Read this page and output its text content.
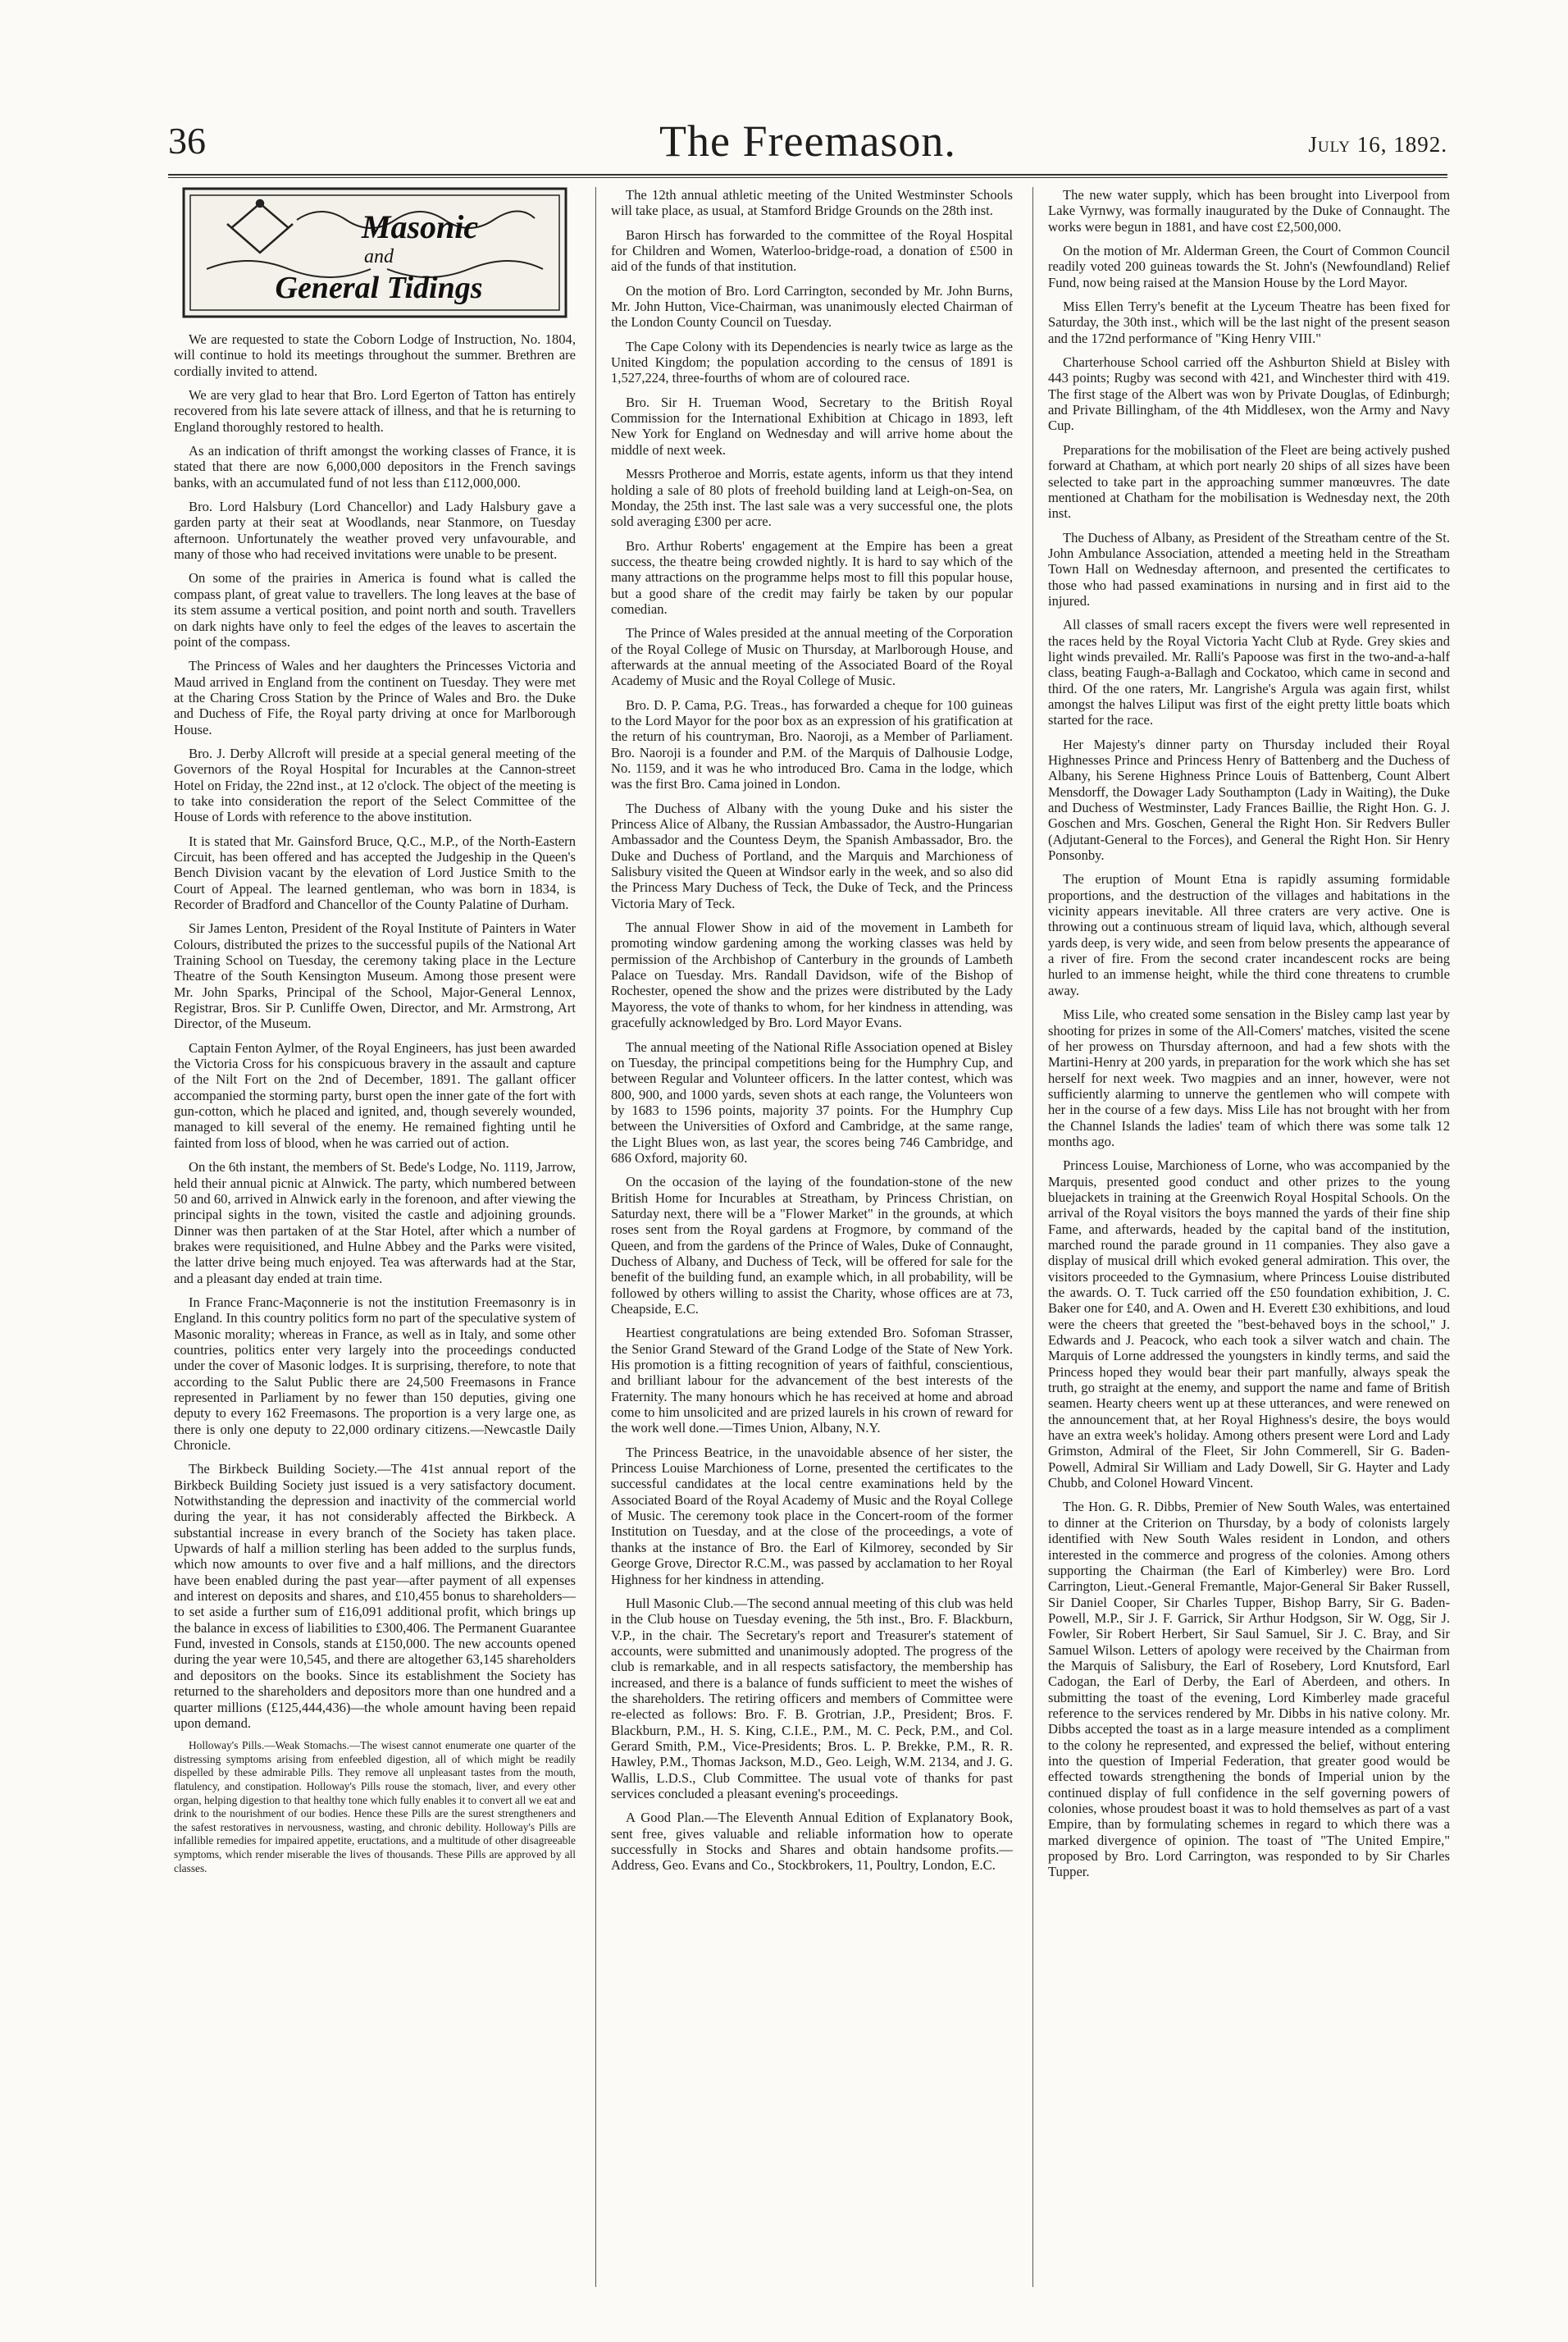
36	The Freemason.	July 16, 1892.
Masonic
and
General Tidings

We are requested to state the Coborn Lodge of Instruction, No. 1804, will continue to hold its meetings throughout the summer. Brethren are cordially invited to attend.

We are very glad to hear that Bro. Lord Egerton of Tatton has entirely recovered from his late severe attack of illness, and that he is returning to England thoroughly restored to health.

As an indication of thrift amongst the working classes of France, it is stated that there are now 6,000,000 depositors in the French savings banks, with an accumulated fund of not less than £112,000,000.

Bro. Lord Halsbury (Lord Chancellor) and Lady Halsbury gave a garden party at their seat at Woodlands, near Stanmore, on Tuesday afternoon. Unfortunately the weather proved very unfavourable, and many of those who had received invitations were unable to be present.

On some of the prairies in America is found what is called the compass plant, of great value to travellers. The long leaves at the base of its stem assume a vertical position, and point north and south. Travellers on dark nights have only to feel the edges of the leaves to ascertain the point of the compass.

The Princess of Wales and her daughters the Princesses Victoria and Maud arrived in England from the continent on Tuesday. They were met at the Charing Cross Station by the Prince of Wales and Bro. the Duke and Duchess of Fife, the Royal party driving at once for Marlborough House.

Bro. J. Derby Allcroft will preside at a special general meeting of the Governors of the Royal Hospital for Incurables at the Cannon-street Hotel on Friday, the 22nd inst., at 12 o'clock. The object of the meeting is to take into consideration the report of the Select Committee of the House of Lords with reference to the above institution.

It is stated that Mr. Gainsford Bruce, Q.C., M.P., of the North-Eastern Circuit, has been offered and has accepted the Judgeship in the Queen's Bench Division vacant by the elevation of Lord Justice Smith to the Court of Appeal. The learned gentleman, who was born in 1834, is Recorder of Bradford and Chancellor of the County Palatine of Durham.

Sir James Lenton, President of the Royal Institute of Painters in Water Colours, distributed the prizes to the successful pupils of the National Art Training School on Tuesday, the ceremony taking place in the Lecture Theatre of the South Kensington Museum. Among those present were Mr. John Sparks, Principal of the School, Major-General Lennox, Registrar, Bros. Sir P. Cunliffe Owen, Director, and Mr. Armstrong, Art Director, of the Museum.

Captain Fenton Aylmer, of the Royal Engineers, has just been awarded the Victoria Cross for his conspicuous bravery in the assault and capture of the Nilt Fort on the 2nd of December, 1891. The gallant officer accompanied the storming party, burst open the inner gate of the fort with gun-cotton, which he placed and ignited, and, though severely wounded, managed to kill several of the enemy. He remained fighting until he fainted from loss of blood, when he was carried out of action.

On the 6th instant, the members of St. Bede's Lodge, No. 1119, Jarrow, held their annual picnic at Alnwick. The party, which numbered between 50 and 60, arrived in Alnwick early in the forenoon, and after viewing the principal sights in the town, visited the castle and adjoining grounds. Dinner was then partaken of at the Star Hotel, after which a number of brakes were requisitioned, and Hulne Abbey and the Parks were visited, the latter drive being much enjoyed. Tea was afterwards had at the Star, and a pleasant day ended at train time.

In France Franc-Maçonnerie is not the institution Freemasonry is in England. In this country politics form no part of the speculative system of Masonic morality; whereas in France, as well as in Italy, and some other countries, politics enter very largely into the proceedings conducted under the cover of Masonic lodges. It is surprising, therefore, to note that according to the Salut Public there are 24,500 Freemasons in France represented in Parliament by no fewer than 150 deputies, giving one deputy to every 162 Freemasons. The proportion is a very large one, as there is only one deputy to 22,000 ordinary citizens.—Newcastle Daily Chronicle.

The Birkbeck Building Society.—The 41st annual report of the Birkbeck Building Society just issued is a very satisfactory document. Notwithstanding the depression and inactivity of the commercial world during the year, it has not considerably affected the Birkbeck. A substantial increase in every branch of the Society has taken place. Upwards of half a million sterling has been added to the surplus funds, which now amounts to over five and a half millions, and the directors have been enabled during the past year—after payment of all expenses and interest on deposits and shares, and £10,455 bonus to shareholders—to set aside a further sum of £16,091 additional profit, which brings up the balance in excess of liabilities to £300,406. The Permanent Guarantee Fund, invested in Consols, stands at £150,000. The new accounts opened during the year were 10,545, and there are altogether 63,145 shareholders and depositors on the books. Since its establishment the Society has returned to the shareholders and depositors more than one hundred and a quarter millions (£125,444,436)—the whole amount having been repaid upon demand.

Holloway's Pills.—Weak Stomachs.—The wisest cannot enumerate one quarter of the distressing symptoms arising from enfeebled digestion, all of which might be readily dispelled by these admirable Pills. They remove all unpleasant tastes from the mouth, flatulency, and constipation. Holloway's Pills rouse the stomach, liver, and every other organ, helping digestion to that healthy tone which fully enables it to convert all we eat and drink to the nourishment of our bodies. Hence these Pills are the surest strengtheners and the safest restoratives in nervousness, wasting, and chronic debility. Holloway's Pills are infallible remedies for impaired appetite, eructations, and a multitude of other disagreeable symptoms, which render miserable the lives of thousands. These Pills are approved by all classes.

The 12th annual athletic meeting of the United Westminster Schools will take place, as usual, at Stamford Bridge Grounds on the 28th inst.

Baron Hirsch has forwarded to the committee of the Royal Hospital for Children and Women, Waterloo-bridge-road, a donation of £500 in aid of the funds of that institution.

On the motion of Bro. Lord Carrington, seconded by Mr. John Burns, Mr. John Hutton, Vice-Chairman, was unanimously elected Chairman of the London County Council on Tuesday.

The Cape Colony with its Dependencies is nearly twice as large as the United Kingdom; the population according to the census of 1891 is 1,527,224, three-fourths of whom are of coloured race.

Bro. Sir H. Trueman Wood, Secretary to the British Royal Commission for the International Exhibition at Chicago in 1893, left New York for England on Wednesday and will arrive home about the middle of next week.

Messrs Protheroe and Morris, estate agents, inform us that they intend holding a sale of 80 plots of freehold building land at Leigh-on-Sea, on Monday, the 25th inst. The last sale was a very successful one, the plots sold averaging £300 per acre.

Bro. Arthur Roberts' engagement at the Empire has been a great success, the theatre being crowded nightly. It is hard to say which of the many attractions on the programme helps most to fill this popular house, but a good share of the credit may fairly be taken by our popular comedian.

The Prince of Wales presided at the annual meeting of the Corporation of the Royal College of Music on Thursday, at Marlborough House, and afterwards at the annual meeting of the Associated Board of the Royal Academy of Music and the Royal College of Music.

Bro. D. P. Cama, P.G. Treas., has forwarded a cheque for 100 guineas to the Lord Mayor for the poor box as an expression of his gratification at the return of his countryman, Bro. Naoroji, as a Member of Parliament. Bro. Naoroji is a founder and P.M. of the Marquis of Dalhousie Lodge, No. 1159, and it was he who introduced Bro. Cama in the lodge, which was the first Bro. Cama joined in London.

The Duchess of Albany with the young Duke and his sister the Princess Alice of Albany, the Russian Ambassador, the Austro-Hungarian Ambassador and the Countess Deym, the Spanish Ambassador, Bro. the Duke and Duchess of Portland, and the Marquis and Marchioness of Salisbury visited the Queen at Windsor early in the week, and so also did the Princess Mary Duchess of Teck, the Duke of Teck, and the Princess Victoria Mary of Teck.

The annual Flower Show in aid of the movement in Lambeth for promoting window gardening among the working classes was held by permission of the Archbishop of Canterbury in the grounds of Lambeth Palace on Tuesday. Mrs. Randall Davidson, wife of the Bishop of Rochester, opened the show and the prizes were distributed by the Lady Mayoress, the vote of thanks to whom, for her kindness in attending, was gracefully acknowledged by Bro. Lord Mayor Evans.

The annual meeting of the National Rifle Association opened at Bisley on Tuesday, the principal competitions being for the Humphry Cup, and between Regular and Volunteer officers. In the latter contest, which was 800, 900, and 1000 yards, seven shots at each range, the Volunteers won by 1683 to 1596 points, majority 37 points. For the Humphry Cup between the Universities of Oxford and Cambridge, at the same range, the Light Blues won, as last year, the scores being 746 Cambridge, and 686 Oxford, majority 60.

On the occasion of the laying of the foundation-stone of the new British Home for Incurables at Streatham, by Princess Christian, on Saturday next, there will be a "Flower Market" in the grounds, at which roses sent from the Royal gardens at Frogmore, by command of the Queen, and from the gardens of the Prince of Wales, Duke of Connaught, Duchess of Albany, and Duchess of Teck, will be offered for sale for the benefit of the building fund, an example which, in all probability, will be followed by others willing to assist the Charity, whose offices are at 73, Cheapside, E.C.

Heartiest congratulations are being extended Bro. Sofoman Strasser, the Senior Grand Steward of the Grand Lodge of the State of New York. His promotion is a fitting recognition of years of faithful, conscientious, and brilliant labour for the advancement of the best interests of the Fraternity. The many honours which he has received at home and abroad come to him unsolicited and are prized laurels in his crown of reward for the work well done.—Times Union, Albany, N.Y.

The Princess Beatrice, in the unavoidable absence of her sister, the Princess Louise Marchioness of Lorne, presented the certificates to the successful candidates at the local centre examinations held by the Associated Board of the Royal Academy of Music and the Royal College of Music. The ceremony took place in the Concert-room of the former Institution on Tuesday, and at the close of the proceedings, a vote of thanks at the instance of Bro. the Earl of Kilmorey, seconded by Sir George Grove, Director R.C.M., was passed by acclamation to her Royal Highness for her kindness in attending.

Hull Masonic Club.—The second annual meeting of this club was held in the Club house on Tuesday evening, the 5th inst., Bro. F. Blackburn, V.P., in the chair. The Secretary's report and Treasurer's statement of accounts, were submitted and unanimously adopted. The progress of the club is remarkable, and in all respects satisfactory, the membership has increased, and there is a balance of funds sufficient to meet the wishes of the shareholders. The retiring officers and members of Committee were re-elected as follows: Bro. F. B. Grotrian, J.P., President; Bros. F. Blackburn, P.M., H. S. King, C.I.E., P.M., M. C. Peck, P.M., and Col. Gerard Smith, P.M., Vice-Presidents; Bros. L. P. Brekke, P.M., R. R. Hawley, P.M., Thomas Jackson, M.D., Geo. Leigh, W.M. 2134, and J. G. Wallis, L.D.S., Club Committee. The usual vote of thanks for past services concluded a pleasant evening's proceedings.

A Good Plan.—The Eleventh Annual Edition of Explanatory Book, sent free, gives valuable and reliable information how to operate successfully in Stocks and Shares and obtain handsome profits.—Address, Geo. Evans and Co., Stockbrokers, 11, Poultry, London, E.C.

The new water supply, which has been brought into Liverpool from Lake Vyrnwy, was formally inaugurated by the Duke of Connaught. The works were begun in 1881, and have cost £2,500,000.

On the motion of Mr. Alderman Green, the Court of Common Council readily voted 200 guineas towards the St. John's (Newfoundland) Relief Fund, now being raised at the Mansion House by the Lord Mayor.

Miss Ellen Terry's benefit at the Lyceum Theatre has been fixed for Saturday, the 30th inst., which will be the last night of the present season and the 172nd performance of "King Henry VIII."

Charterhouse School carried off the Ashburton Shield at Bisley with 443 points; Rugby was second with 421, and Winchester third with 419. The first stage of the Albert was won by Private Douglas, of Edinburgh; and Private Billingham, of the 4th Middlesex, won the Army and Navy Cup.

Preparations for the mobilisation of the Fleet are being actively pushed forward at Chatham, at which port nearly 20 ships of all sizes have been selected to take part in the approaching summer manœuvres. The date mentioned at Chatham for the mobilisation is Wednesday next, the 20th inst.

The Duchess of Albany, as President of the Streatham centre of the St. John Ambulance Association, attended a meeting held in the Streatham Town Hall on Wednesday afternoon, and presented the certificates to those who had passed examinations in nursing and in first aid to the injured.

All classes of small racers except the fivers were well represented in the races held by the Royal Victoria Yacht Club at Ryde. Grey skies and light winds prevailed. Mr. Ralli's Papoose was first in the two-and-a-half class, beating Faugh-a-Ballagh and Cockatoo, which came in second and third. Of the one raters, Mr. Langrishe's Argula was again first, whilst amongst the halves Liliput was first of the eight pretty little boats which started for the race.

Her Majesty's dinner party on Thursday included their Royal Highnesses Prince and Princess Henry of Battenberg and the Duchess of Albany, his Serene Highness Prince Louis of Battenberg, Count Albert Mensdorff, the Dowager Lady Southampton (Lady in Waiting), the Duke and Duchess of Westminster, Lady Frances Baillie, the Right Hon. G. J. Goschen and Mrs. Goschen, General the Right Hon. Sir Redvers Buller (Adjutant-General to the Forces), and General the Right Hon. Sir Henry Ponsonby.

The eruption of Mount Etna is rapidly assuming formidable proportions, and the destruction of the villages and habitations in the vicinity appears inevitable. All three craters are very active. One is throwing out a continuous stream of liquid lava, which, although several yards deep, is very wide, and seen from below presents the appearance of a river of fire. From the second crater incandescent rocks are being hurled to an immense height, while the third cone threatens to crumble away.

Miss Lile, who created some sensation in the Bisley camp last year by shooting for prizes in some of the All-Comers' matches, visited the scene of her prowess on Thursday afternoon, and had a few shots with the Martini-Henry at 200 yards, in preparation for the work which she has set herself for next week. Two magpies and an inner, however, were not sufficiently alarming to unnerve the gentlemen who will compete with her in the course of a few days. Miss Lile has not brought with her from the Channel Islands the ladies' team of which there was some talk 12 months ago.

Princess Louise, Marchioness of Lorne, who was accompanied by the Marquis, presented good conduct and other prizes to the young bluejackets in training at the Greenwich Royal Hospital Schools. On the arrival of the Royal visitors the boys manned the yards of their fine ship Fame, and afterwards, headed by the capital band of the institution, marched round the parade ground in 11 companies. They also gave a display of musical drill which evoked general admiration. This over, the visitors proceeded to the Gymnasium, where Princess Louise distributed the awards. O. T. Tuck carried off the £50 foundation exhibition, J. C. Baker one for £40, and A. Owen and H. Everett £30 exhibitions, and loud were the cheers that greeted the "best-behaved boys in the school," J. Edwards and J. Peacock, who each took a silver watch and chain. The Marquis of Lorne addressed the youngsters in kindly terms, and said the Princess hoped they would bear their part manfully, always speak the truth, go straight at the enemy, and support the name and fame of British seamen. Hearty cheers went up at these utterances, and were renewed on the announcement that, at her Royal Highness's desire, the boys would have an extra week's holiday. Among others present were Lord and Lady Grimston, Admiral of the Fleet, Sir John Commerell, Sir G. Baden-Powell, Admiral Sir William and Lady Dowell, Sir G. Hayter and Lady Chubb, and Colonel Howard Vincent.

The Hon. G. R. Dibbs, Premier of New South Wales, was entertained to dinner at the Criterion on Thursday, by a body of colonists largely identified with New South Wales resident in London, and others interested in the commerce and progress of the colonies. Among others supporting the Chairman (the Earl of Kimberley) were Bro. Lord Carrington, Lieut.-General Fremantle, Major-General Sir Baker Russell, Sir Daniel Cooper, Sir Charles Tupper, Bishop Barry, Sir G. Baden-Powell, M.P., Sir J. F. Garrick, Sir Arthur Hodgson, Sir W. Ogg, Sir J. Fowler, Sir Robert Herbert, Sir Saul Samuel, Sir J. C. Bray, and Sir Samuel Wilson. Letters of apology were received by the Chairman from the Marquis of Salisbury, the Earl of Rosebery, Lord Knutsford, Earl Cadogan, the Earl of Derby, the Earl of Aberdeen, and others. In submitting the toast of the evening, Lord Kimberley made graceful reference to the services rendered by Mr. Dibbs in his native colony. Mr. Dibbs accepted the toast as in a large measure intended as a compliment to the colony he represented, and expressed the belief, without entering into the question of Imperial Federation, that greater good would be effected towards strengthening the bonds of Imperial union by the continued display of full confidence in the self governing powers of colonies, whose proudest boast it was to hold themselves as part of a vast Empire, than by formulating schemes in regard to which there was a marked divergence of opinion. The toast of "The United Empire," proposed by Bro. Lord Carrington, was responded to by Sir Charles Tupper.
